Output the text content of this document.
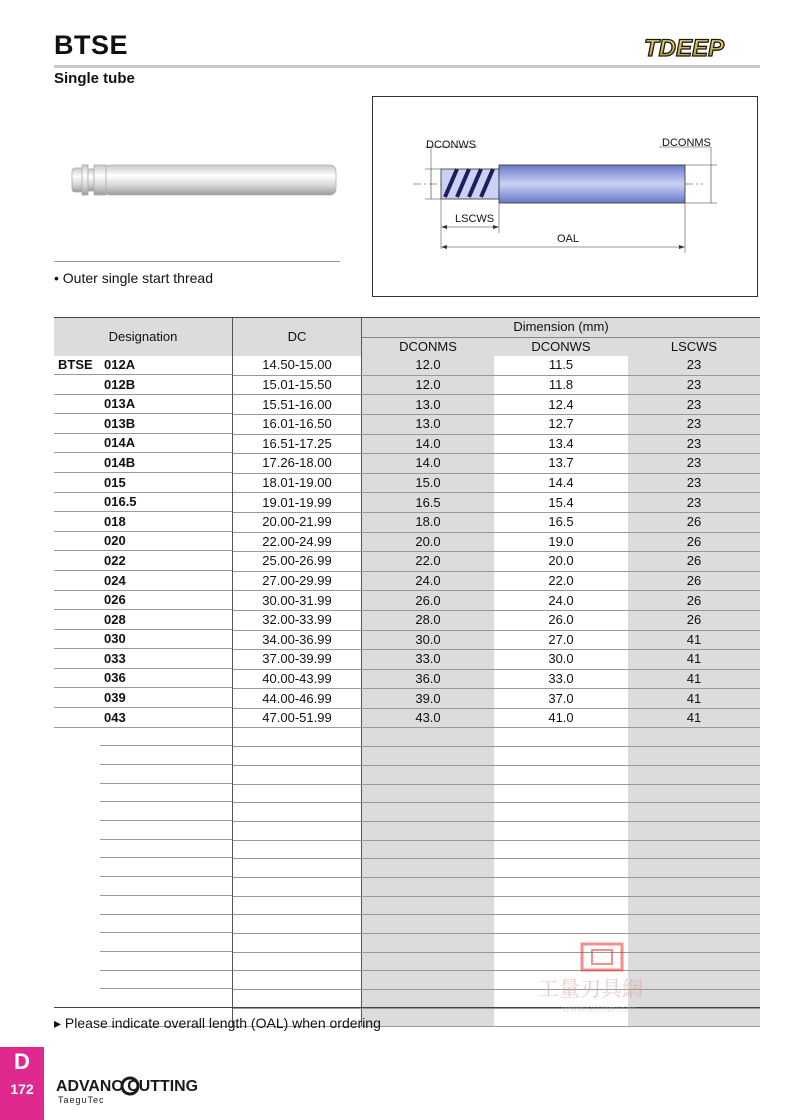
BTSE
Single tube
TDEEP
• Outer single start thread
DCONWS	DCONMS
LSCWS
OAL
Designation	DC	Dimension (mm)		
		DCONMS	DCONWS	LSCWS

BTSE 012A	14.50-15.00	12.0	11.5	23

012B	15.01-15.50	12.0	11.8	23

013A	15.51-16.00	13.0	12.4	23

013B	16.01-16.50	13.0	12.7	23

014A	16.51-17.25	14.0	13.4	23

014B	17.26-18.00	14.0	13.7	23

015	18.01-19.00	15.0	14.4	23

016.5	19.01-19.99	16.5	15.4	23

018	20.00-21.99	18.0	16.5	26

020	22.00-24.99	20.0	19.0	26

022	25.00-26.99	22.0	20.0	26

024	27.00-29.99	24.0	22.0	26

026	30.00-31.99	26.0	24.0	26

028	32.00-33.99	28.0	26.0	26

030	34.00-36.99	30.0	27.0	41

033	37.00-39.99	33.0	30.0	41

036	40.00-43.99	36.0	33.0	41

039	44.00-46.99	39.0	37.0	41

043	47.00-51.99	43.0	41.0	41

▸ Please indicate overall length (OAL) when ordering
工量刃具網
WWW.GLRJW.COM
D
172	ADVANC CUTTING
TaeguTec
